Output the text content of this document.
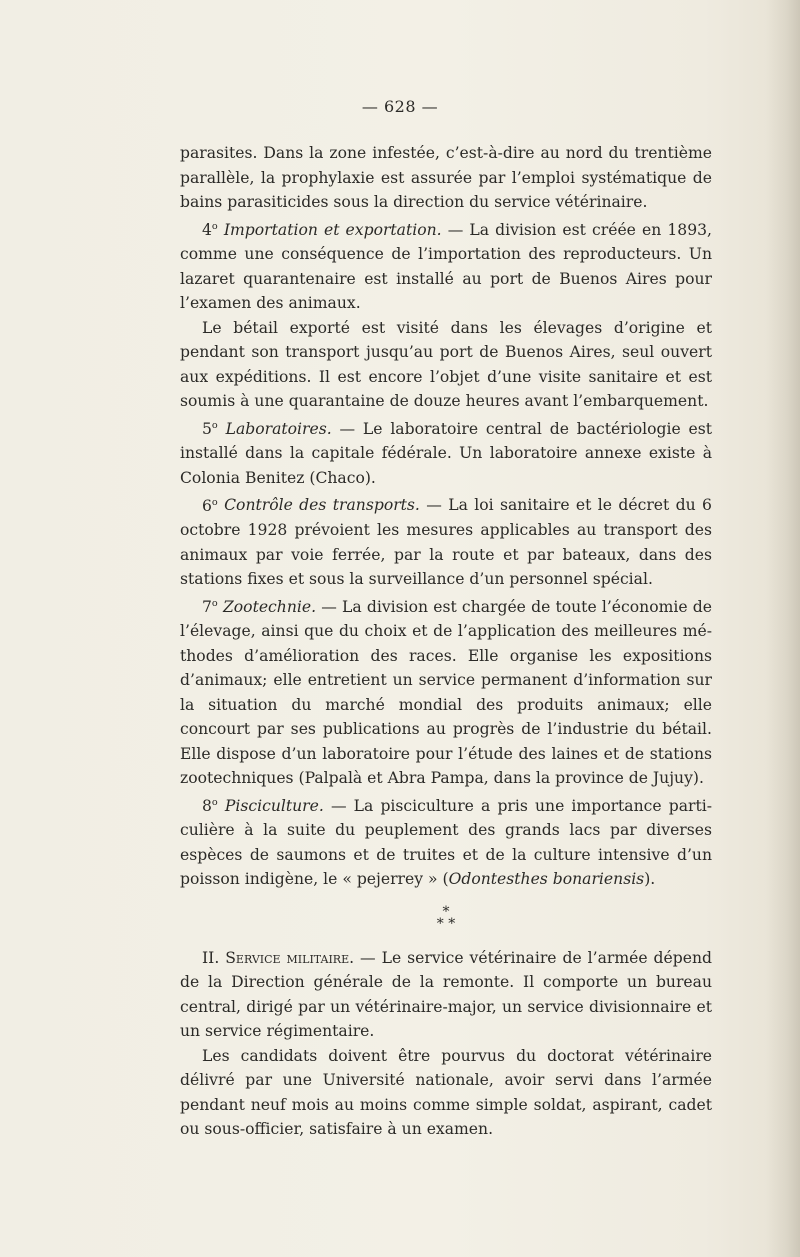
— 628 —

parasites. Dans la zone infestée, c’est-à-dire au nord du trentième parallèle, la prophylaxie est assurée par l’emploi systématique de bains parasiticides sous la direction du service vétérinaire.

4$^o$ Importation et exportation. — La division est créée en 1893, comme une conséquence de l’importation des reproducteurs. Un lazaret quarantenaire est installé au port de Buenos Aires pour l’examen des animaux.

Le bétail exporté est visité dans les élevages d’origine et pendant son transport jusqu’au port de Buenos Aires, seul ouvert aux expéditions. Il est encore l’objet d’une visite sanitaire et est soumis à une quarantaine de douze heures avant l’embarquement.

5$^o$ Laboratoires. — Le laboratoire central de bactériologie est installé dans la capitale fédérale. Un laboratoire annexe existe à Colonia Benitez (Chaco).

6$^o$ Contrôle des transports. — La loi sanitaire et le décret du 6 octobre 1928 prévoient les mesures applicables au transport des animaux par voie ferrée, par la route et par bateaux, dans des stations fixes et sous la surveillance d’un personnel spécial.

7$^o$ Zootechnie. — La division est chargée de toute l’économie de l’élevage, ainsi que du choix et de l’application des meilleures méthodes d’amélioration des races. Elle organise les expositions d’animaux; elle entretient un service permanent d’information sur la situation du marché mondial des produits animaux; elle concourt par ses publications au progrès de l’industrie du bétail. Elle dispose d’un laboratoire pour l’étude des laines et de stations zootechniques (Palpalà et Abra Pampa, dans la province de Jujuy).

8$^o$ Pisciculture. — La pisciculture a pris une importance particulière à la suite du peuplement des grands lacs par diverses espèces de saumons et de truites et de la culture intensive d’un poisson indigène, le « pejerrey » (Odontesthes bonariensis).

*
* *

II. Service militaire. — Le service vétérinaire de l’armée dépend de la Direction générale de la remonte. Il comporte un bureau central, dirigé par un vétérinaire-major, un service divisionnaire et un service régimentaire.

Les candidats doivent être pourvus du doctorat vétérinaire délivré par une Université nationale, avoir servi dans l’armée pendant neuf mois au moins comme simple soldat, aspirant, cadet ou sous-officier, satisfaire à un examen.
